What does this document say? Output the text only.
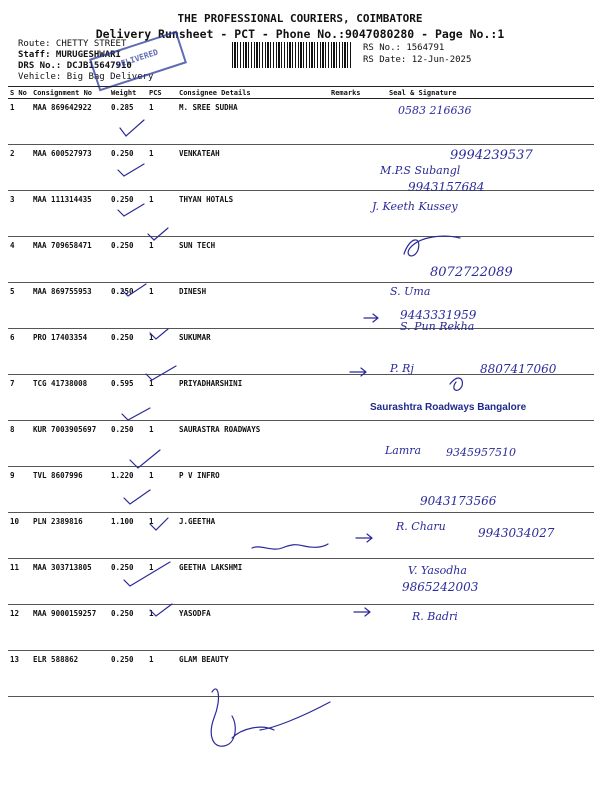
THE PROFESSIONAL COURIERS, COIMBATORE
Delivery Runsheet - PCT - Phone No.:9047080280 - Page No.:1
Route: CHETTY STREET
Staff: MURUGESHWARI
DRS No.: DCJB15647910
Vehicle: Big Bag Delivery
RS No.: 1564791
RS Date: 12-Jun-2025
DELIVERED
S No	Consignment No	Weight	PCS	Consignee Details	Remarks	Seal & Signature
1	MAA 869642922	0.285	1	M. SREE SUDHA		
2	MAA 600527973	0.250	1	VENKATEAH		
3	MAA 111314435	0.250	1	THYAN HOTALS		
4	MAA 709658471	0.250	1	SUN TECH		
5	MAA 869755953	0.250	1	DINESH		
6	PRO 17403354	0.250	1	SUKUMAR		
7	TCG 41738008	0.595	1	PRIYADHARSHINI		
8	KUR 7003905697	0.250	1	SAURASTRA ROADWAYS		
9	TVL 8607996	1.220	1	P V INFRO		
10	PLN 2389816	1.100	1	J.GEETHA		
11	MAA 303713805	0.250	1	GEETHA LAKSHMI		
12	MAA 9000159257	0.250	1	YASODFA		
13	ELR 588862	0.250	1	GLAM BEAUTY		
0583 216636
9994239537
M.P.S Subangl
9943157684
J. Keeth Kussey
8072722089
S. Uma
9443331959
S. Pun Rekha
P. Rj	8807417060
Saurashtra Roadways Bangalore
Lamra 9345957510
9043173566
R. Charu	9943034027
V. Yasodha
9865242003
R. Badri
